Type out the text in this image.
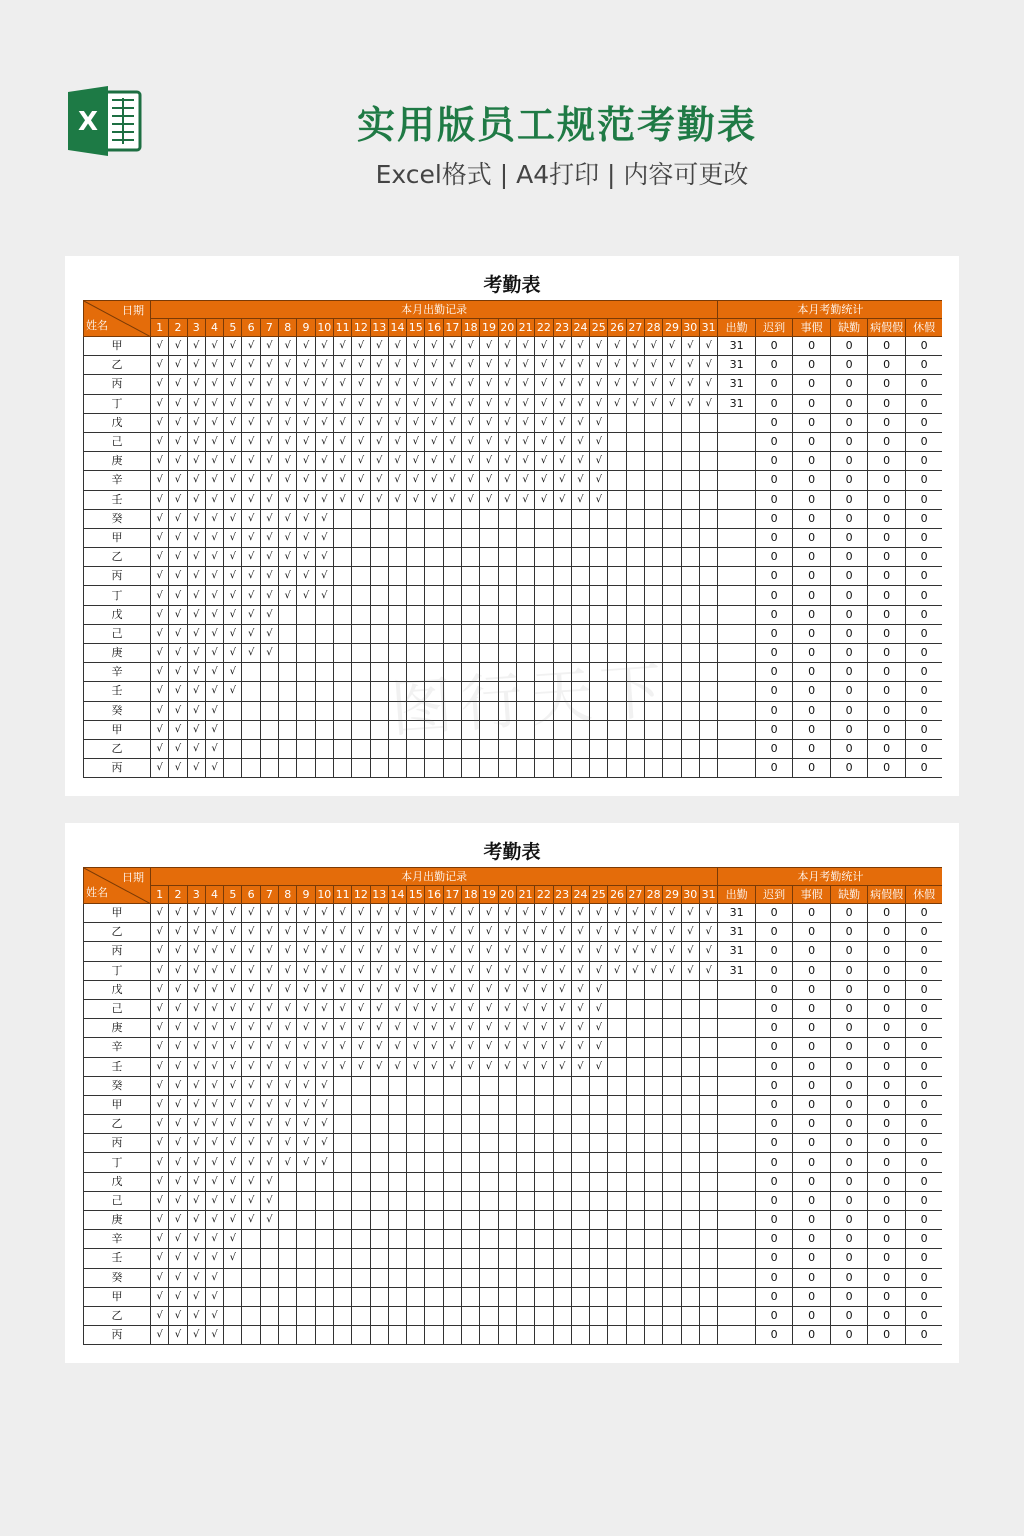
X	实用版员工规范考勤表
Excel格式 | A4打印 | 内容可更改
考勤表
日期
姓名	本月出勤记录																															本月考勤统计					
	1	2	3	4	5	6	7	8	9	10	11	12	13	14	15	16	17	18	19	20	21	22	23	24	25	26	27	28	29	30	31	出勤	迟到	事假	缺勤	病假假	休假
甲	√	√	√	√	√	√	√	√	√	√	√	√	√	√	√	√	√	√	√	√	√	√	√	√	√	√	√	√	√	√	√	31	0	0	0	0	0
乙	√	√	√	√	√	√	√	√	√	√	√	√	√	√	√	√	√	√	√	√	√	√	√	√	√	√	√	√	√	√	√	31	0	0	0	0	0
丙	√	√	√	√	√	√	√	√	√	√	√	√	√	√	√	√	√	√	√	√	√	√	√	√	√	√	√	√	√	√	√	31	0	0	0	0	0
丁	√	√	√	√	√	√	√	√	√	√	√	√	√	√	√	√	√	√	√	√	√	√	√	√	√	√	√	√	√	√	√	31	0	0	0	0	0
戊	√	√	√	√	√	√	√	√	√	√	√	√	√	√	√	√	√	√	√	√	√	√	√	√	√								0	0	0	0	0
己	√	√	√	√	√	√	√	√	√	√	√	√	√	√	√	√	√	√	√	√	√	√	√	√	√								0	0	0	0	0
庚	√	√	√	√	√	√	√	√	√	√	√	√	√	√	√	√	√	√	√	√	√	√	√	√	√								0	0	0	0	0
辛	√	√	√	√	√	√	√	√	√	√	√	√	√	√	√	√	√	√	√	√	√	√	√	√	√								0	0	0	0	0
壬	√	√	√	√	√	√	√	√	√	√	√	√	√	√	√	√	√	√	√	√	√	√	√	√	√								0	0	0	0	0
癸	√	√	√	√	√	√	√	√	√	√																							0	0	0	0	0
甲	√	√	√	√	√	√	√	√	√	√																							0	0	0	0	0
乙	√	√	√	√	√	√	√	√	√	√																							0	0	0	0	0
丙	√	√	√	√	√	√	√	√	√	√																							0	0	0	0	0
丁	√	√	√	√	√	√	√	√	√	√																							0	0	0	0	0
戊	√	√	√	√	√	√	√																										0	0	0	0	0
己	√	√	√	√	√	√	√																										0	0	0	0	0
庚	√	√	√	√	√	√	√																										0	0	0	0	0
辛	√	√	√	√	√																												0	0	0	0	0
壬	√	√	√	√	√																												0	0	0	0	0
癸	√	√	√	√																													0	0	0	0	0
甲	√	√	√	√																													0	0	0	0	0
乙	√	√	√	√																													0	0	0	0	0
丙	√	√	√	√																													0	0	0	0	0
考勤表
日期
姓名	本月出勤记录																															本月考勤统计					
	1	2	3	4	5	6	7	8	9	10	11	12	13	14	15	16	17	18	19	20	21	22	23	24	25	26	27	28	29	30	31	出勤	迟到	事假	缺勤	病假假	休假
甲	√	√	√	√	√	√	√	√	√	√	√	√	√	√	√	√	√	√	√	√	√	√	√	√	√	√	√	√	√	√	√	31	0	0	0	0	0
乙	√	√	√	√	√	√	√	√	√	√	√	√	√	√	√	√	√	√	√	√	√	√	√	√	√	√	√	√	√	√	√	31	0	0	0	0	0
丙	√	√	√	√	√	√	√	√	√	√	√	√	√	√	√	√	√	√	√	√	√	√	√	√	√	√	√	√	√	√	√	31	0	0	0	0	0
丁	√	√	√	√	√	√	√	√	√	√	√	√	√	√	√	√	√	√	√	√	√	√	√	√	√	√	√	√	√	√	√	31	0	0	0	0	0
戊	√	√	√	√	√	√	√	√	√	√	√	√	√	√	√	√	√	√	√	√	√	√	√	√	√								0	0	0	0	0
己	√	√	√	√	√	√	√	√	√	√	√	√	√	√	√	√	√	√	√	√	√	√	√	√	√								0	0	0	0	0
庚	√	√	√	√	√	√	√	√	√	√	√	√	√	√	√	√	√	√	√	√	√	√	√	√	√								0	0	0	0	0
辛	√	√	√	√	√	√	√	√	√	√	√	√	√	√	√	√	√	√	√	√	√	√	√	√	√								0	0	0	0	0
壬	√	√	√	√	√	√	√	√	√	√	√	√	√	√	√	√	√	√	√	√	√	√	√	√	√								0	0	0	0	0
癸	√	√	√	√	√	√	√	√	√	√																							0	0	0	0	0
甲	√	√	√	√	√	√	√	√	√	√																							0	0	0	0	0
乙	√	√	√	√	√	√	√	√	√	√																							0	0	0	0	0
丙	√	√	√	√	√	√	√	√	√	√																							0	0	0	0	0
丁	√	√	√	√	√	√	√	√	√	√																							0	0	0	0	0
戊	√	√	√	√	√	√	√																										0	0	0	0	0
己	√	√	√	√	√	√	√																										0	0	0	0	0
庚	√	√	√	√	√	√	√																										0	0	0	0	0
辛	√	√	√	√	√																												0	0	0	0	0
壬	√	√	√	√	√																												0	0	0	0	0
癸	√	√	√	√																													0	0	0	0	0
甲	√	√	√	√																													0	0	0	0	0
乙	√	√	√	√																													0	0	0	0	0
丙	√	√	√	√																													0	0	0	0	0
